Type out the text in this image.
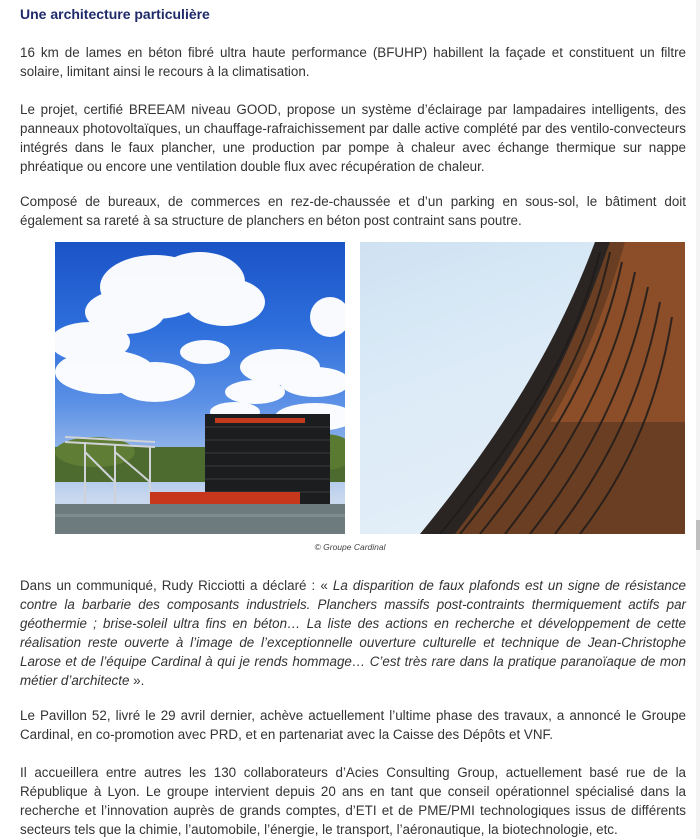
Une architecture particulière

16 km de lames en béton fibré ultra haute performance (BFUHP) habillent la façade et constituent un filtre solaire, limitant ainsi le recours à la climatisation.

Le projet, certifié BREEAM niveau GOOD, propose un système d’éclairage par lampadaires intelligents, des panneaux photovoltaïques, un chauffage-rafraichissement par dalle active complété par des ventilo-convecteurs intégrés dans le faux plancher, une production par pompe à chaleur avec échange thermique sur nappe phréatique ou encore une ventilation double flux avec récupération de chaleur.

Composé de bureaux, de commerces en rez-de-chaussée et d’un parking en sous-sol, le bâtiment doit également sa rareté à sa structure de planchers en béton post contraint sans poutre.

© Groupe Cardinal

Dans un communiqué, Rudy Ricciotti a déclaré : « La disparition de faux plafonds est un signe de résistance contre la barbarie des composants industriels. Planchers massifs post-contraints thermiquement actifs par géothermie ; brise-soleil ultra fins en béton… La liste des actions en recherche et développement de cette réalisation reste ouverte à l’image de l’exceptionnelle ouverture culturelle et technique de Jean-Christophe Larose et de l’équipe Cardinal à qui je rends hommage… C’est très rare dans la pratique paranoïaque de mon métier d’architecte ».

Le Pavillon 52, livré le 29 avril dernier, achève actuellement l’ultime phase des travaux, a annoncé le Groupe Cardinal, en co-promotion avec PRD, et en partenariat avec la Caisse des Dépôts et VNF.

Il accueillera entre autres les 130 collaborateurs d’Acies Consulting Group, actuellement basé rue de la République à Lyon. Le groupe intervient depuis 20 ans en tant que conseil opérationnel spécialisé dans la recherche et l’innovation auprès de grands comptes, d’ETI et de PME/PMI technologiques issus de différents secteurs tels que la chimie, l’automobile, l’énergie, le transport, l’aéronautique, la biotechnologie, etc.
